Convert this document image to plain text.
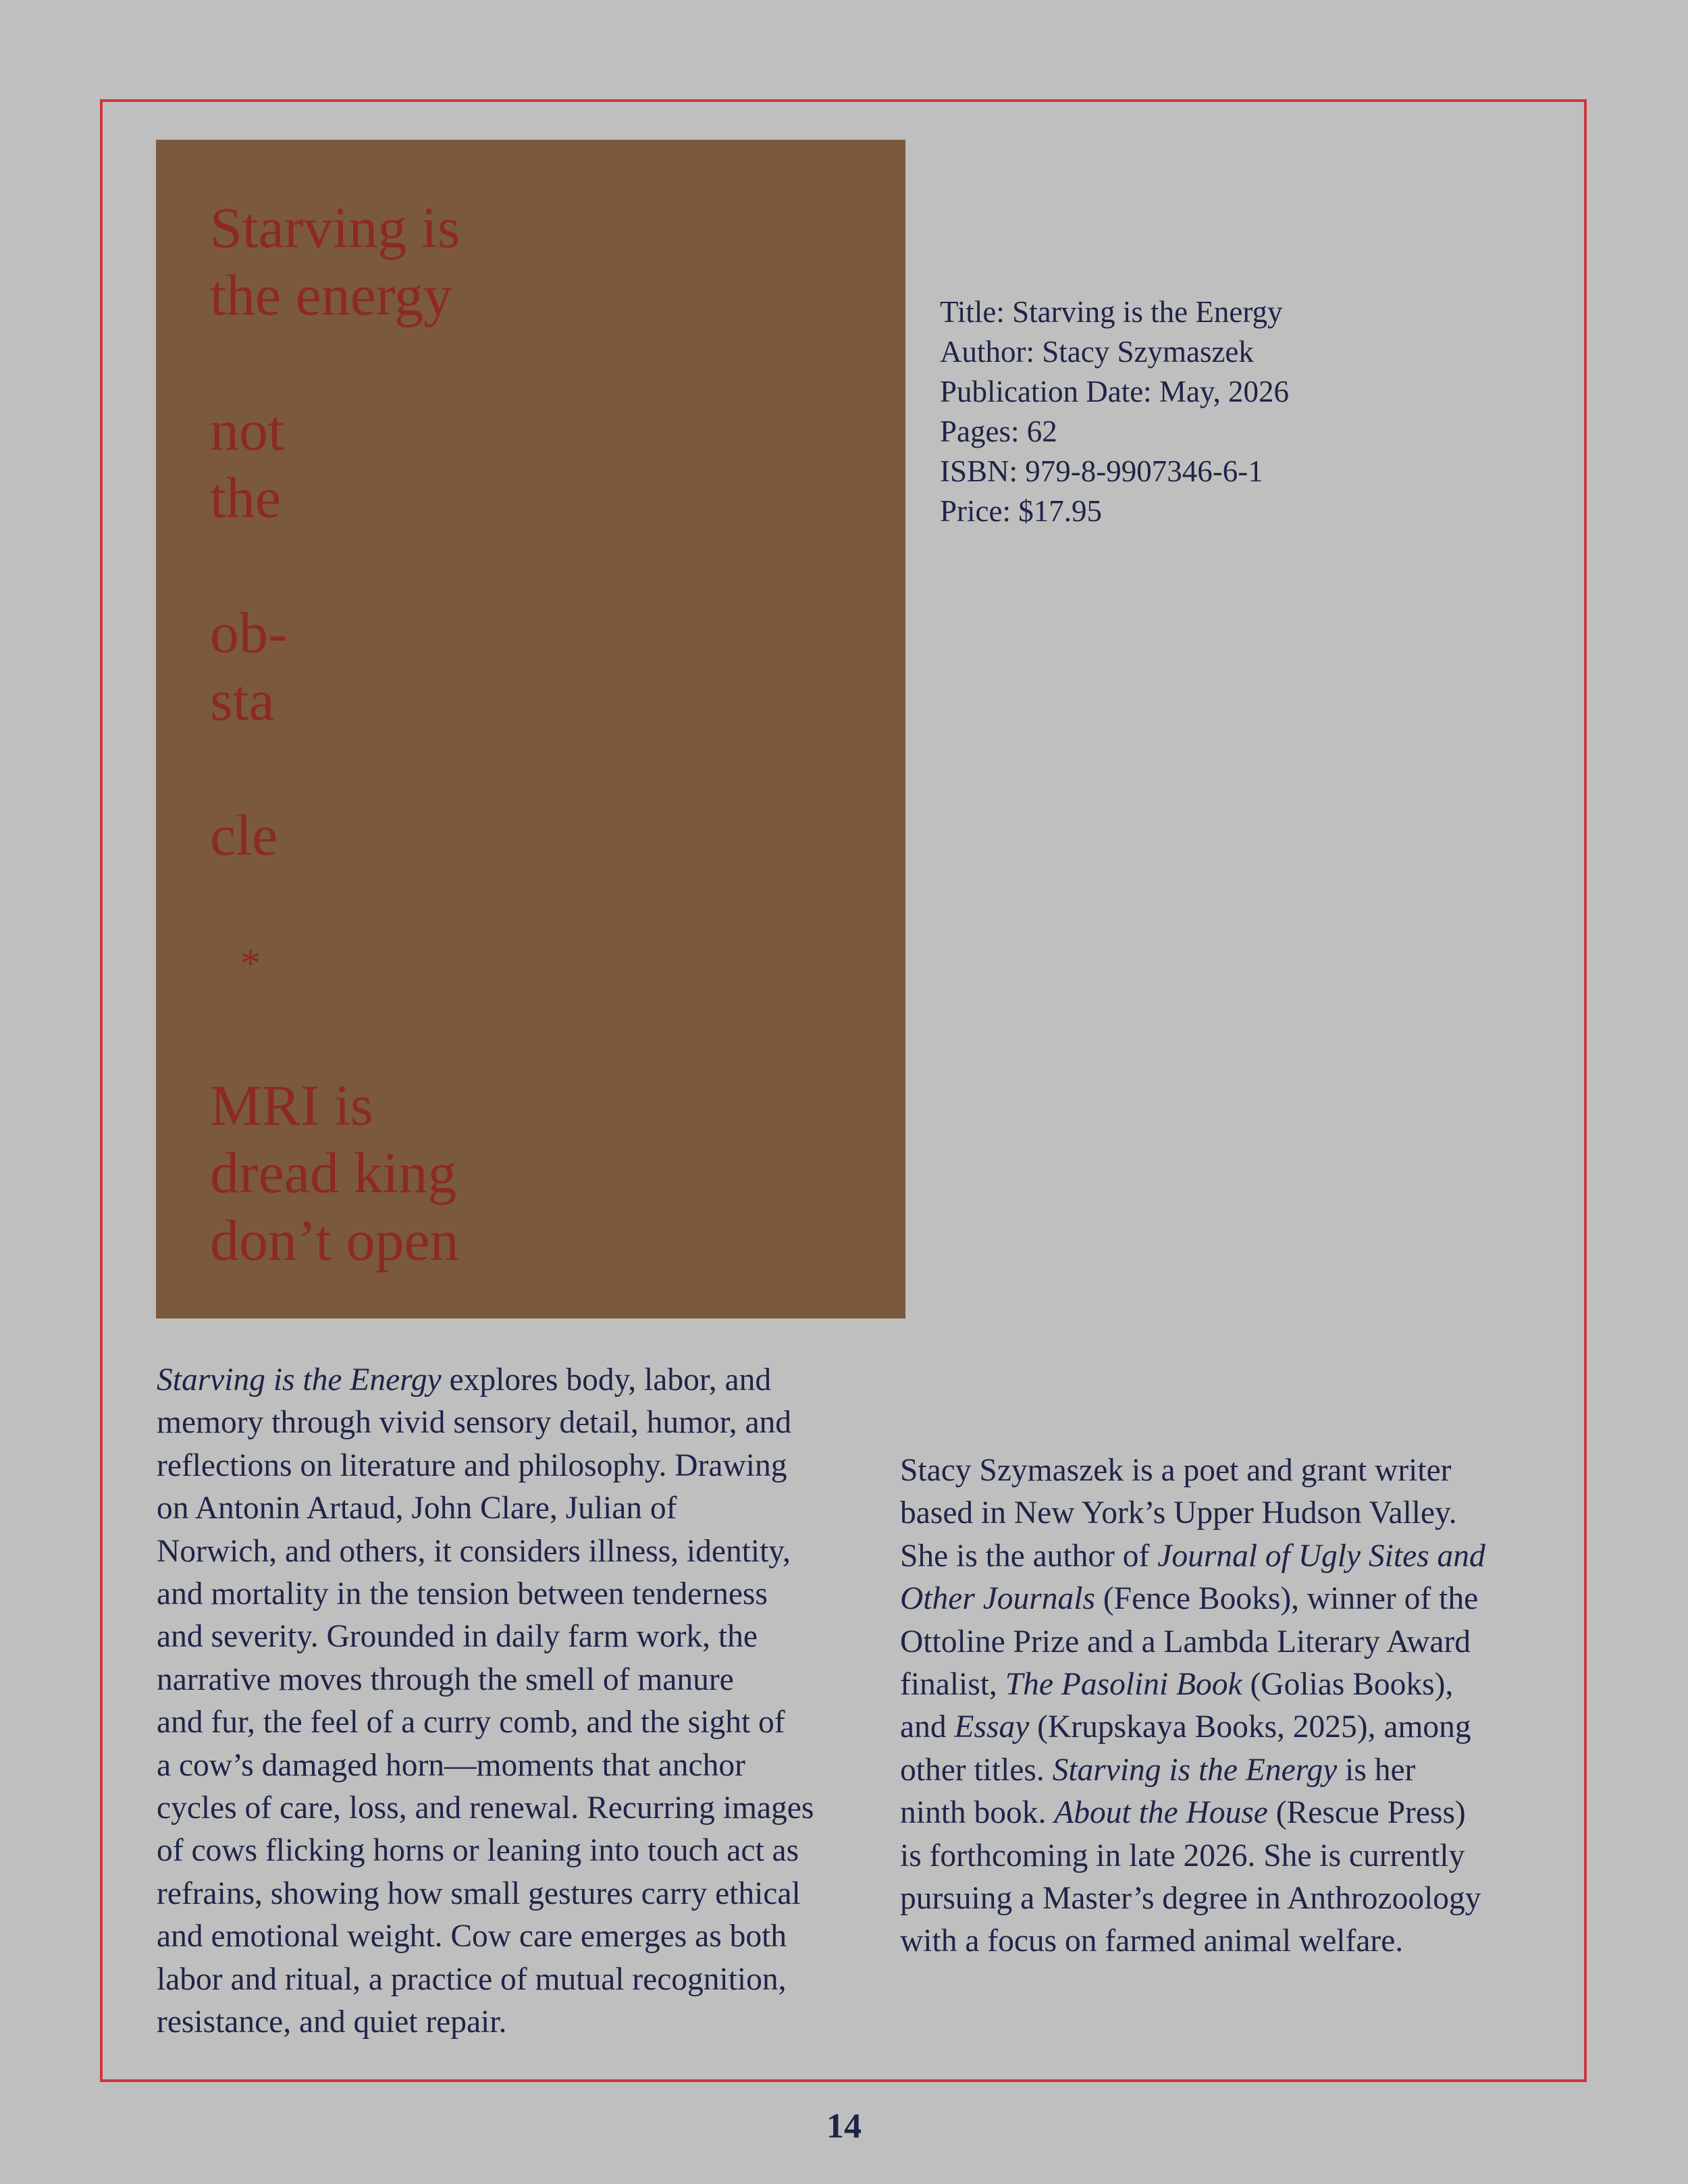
Starving is

the energy

not

the

ob-

sta

cle

*

MRI is

dread king

don’t open

Title: Starving is the Energy
Author: Stacy Szymaszek
Publication Date: May, 2026
Pages: 62
ISBN: 979-8-9907346-6-1
Price: $17.95
Starving is the Energy explores body, labor, and
memory through vivid sensory detail, humor, and
reflections on literature and philosophy. Drawing
on Antonin Artaud, John Clare, Julian of
Norwich, and others, it considers illness, identity,
and mortality in the tension between tenderness
and severity. Grounded in daily farm work, the
narrative moves through the smell of manure
and fur, the feel of a curry comb, and the sight of
a cow’s damaged horn—moments that anchor
cycles of care, loss, and renewal. Recurring images
of cows flicking horns or leaning into touch act as
refrains, showing how small gestures carry ethical
and emotional weight. Cow care emerges as both
labor and ritual, a practice of mutual recognition,
resistance, and quiet repair.
Stacy Szymaszek is a poet and grant writer
based in New York’s Upper Hudson Valley.
She is the author of Journal of Ugly Sites and
Other Journals (Fence Books), winner of the
Ottoline Prize and a Lambda Literary Award
finalist, The Pasolini Book (Golias Books),
and Essay (Krupskaya Books, 2025), among
other titles. Starving is the Energy is her
ninth book. About the House (Rescue Press)
is forthcoming in late 2026. She is currently
pursuing a Master’s degree in Anthrozoology
with a focus on farmed animal welfare.
14
